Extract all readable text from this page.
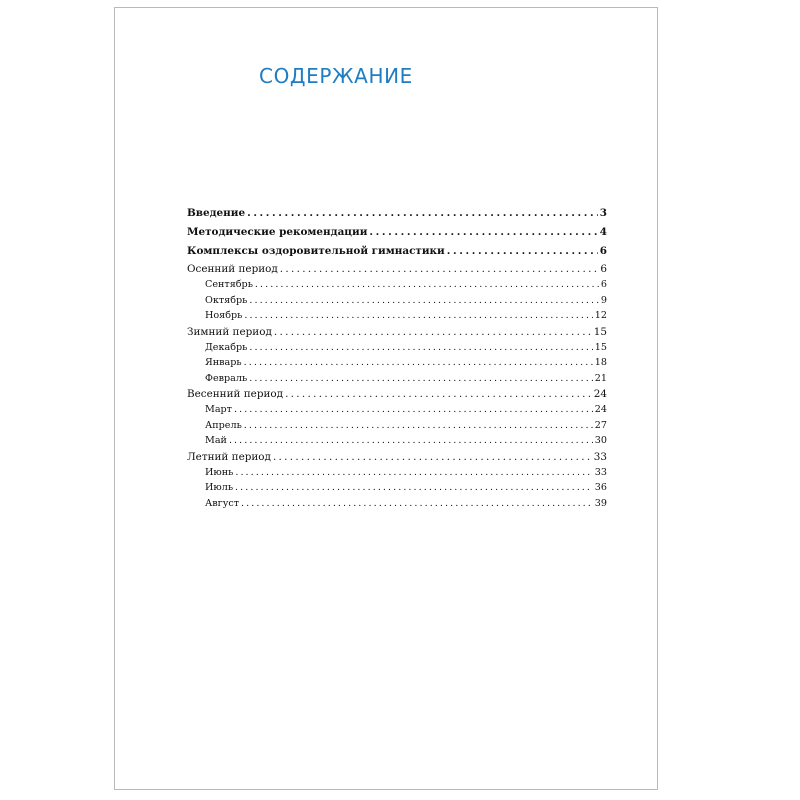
СОДЕРЖАНИЕ
Введение . . .	3
Методические рекомендации . . .	4
Комплексы оздоровительной гимнастики . . .	6
Осенний период . . .	6
Сентябрь . . .	6
Октябрь . . .	9
Ноябрь . . .	12
Зимний период . . .	15
Декабрь . . .	15
Январь . . .	18
Февраль . . .	21
Весенний период . . .	24
Март . . .	24
Апрель . . .	27
Май . . .	30
Летний период . . .	33
Июнь . . .	33
Июль . . .	36
Август . . .	39
